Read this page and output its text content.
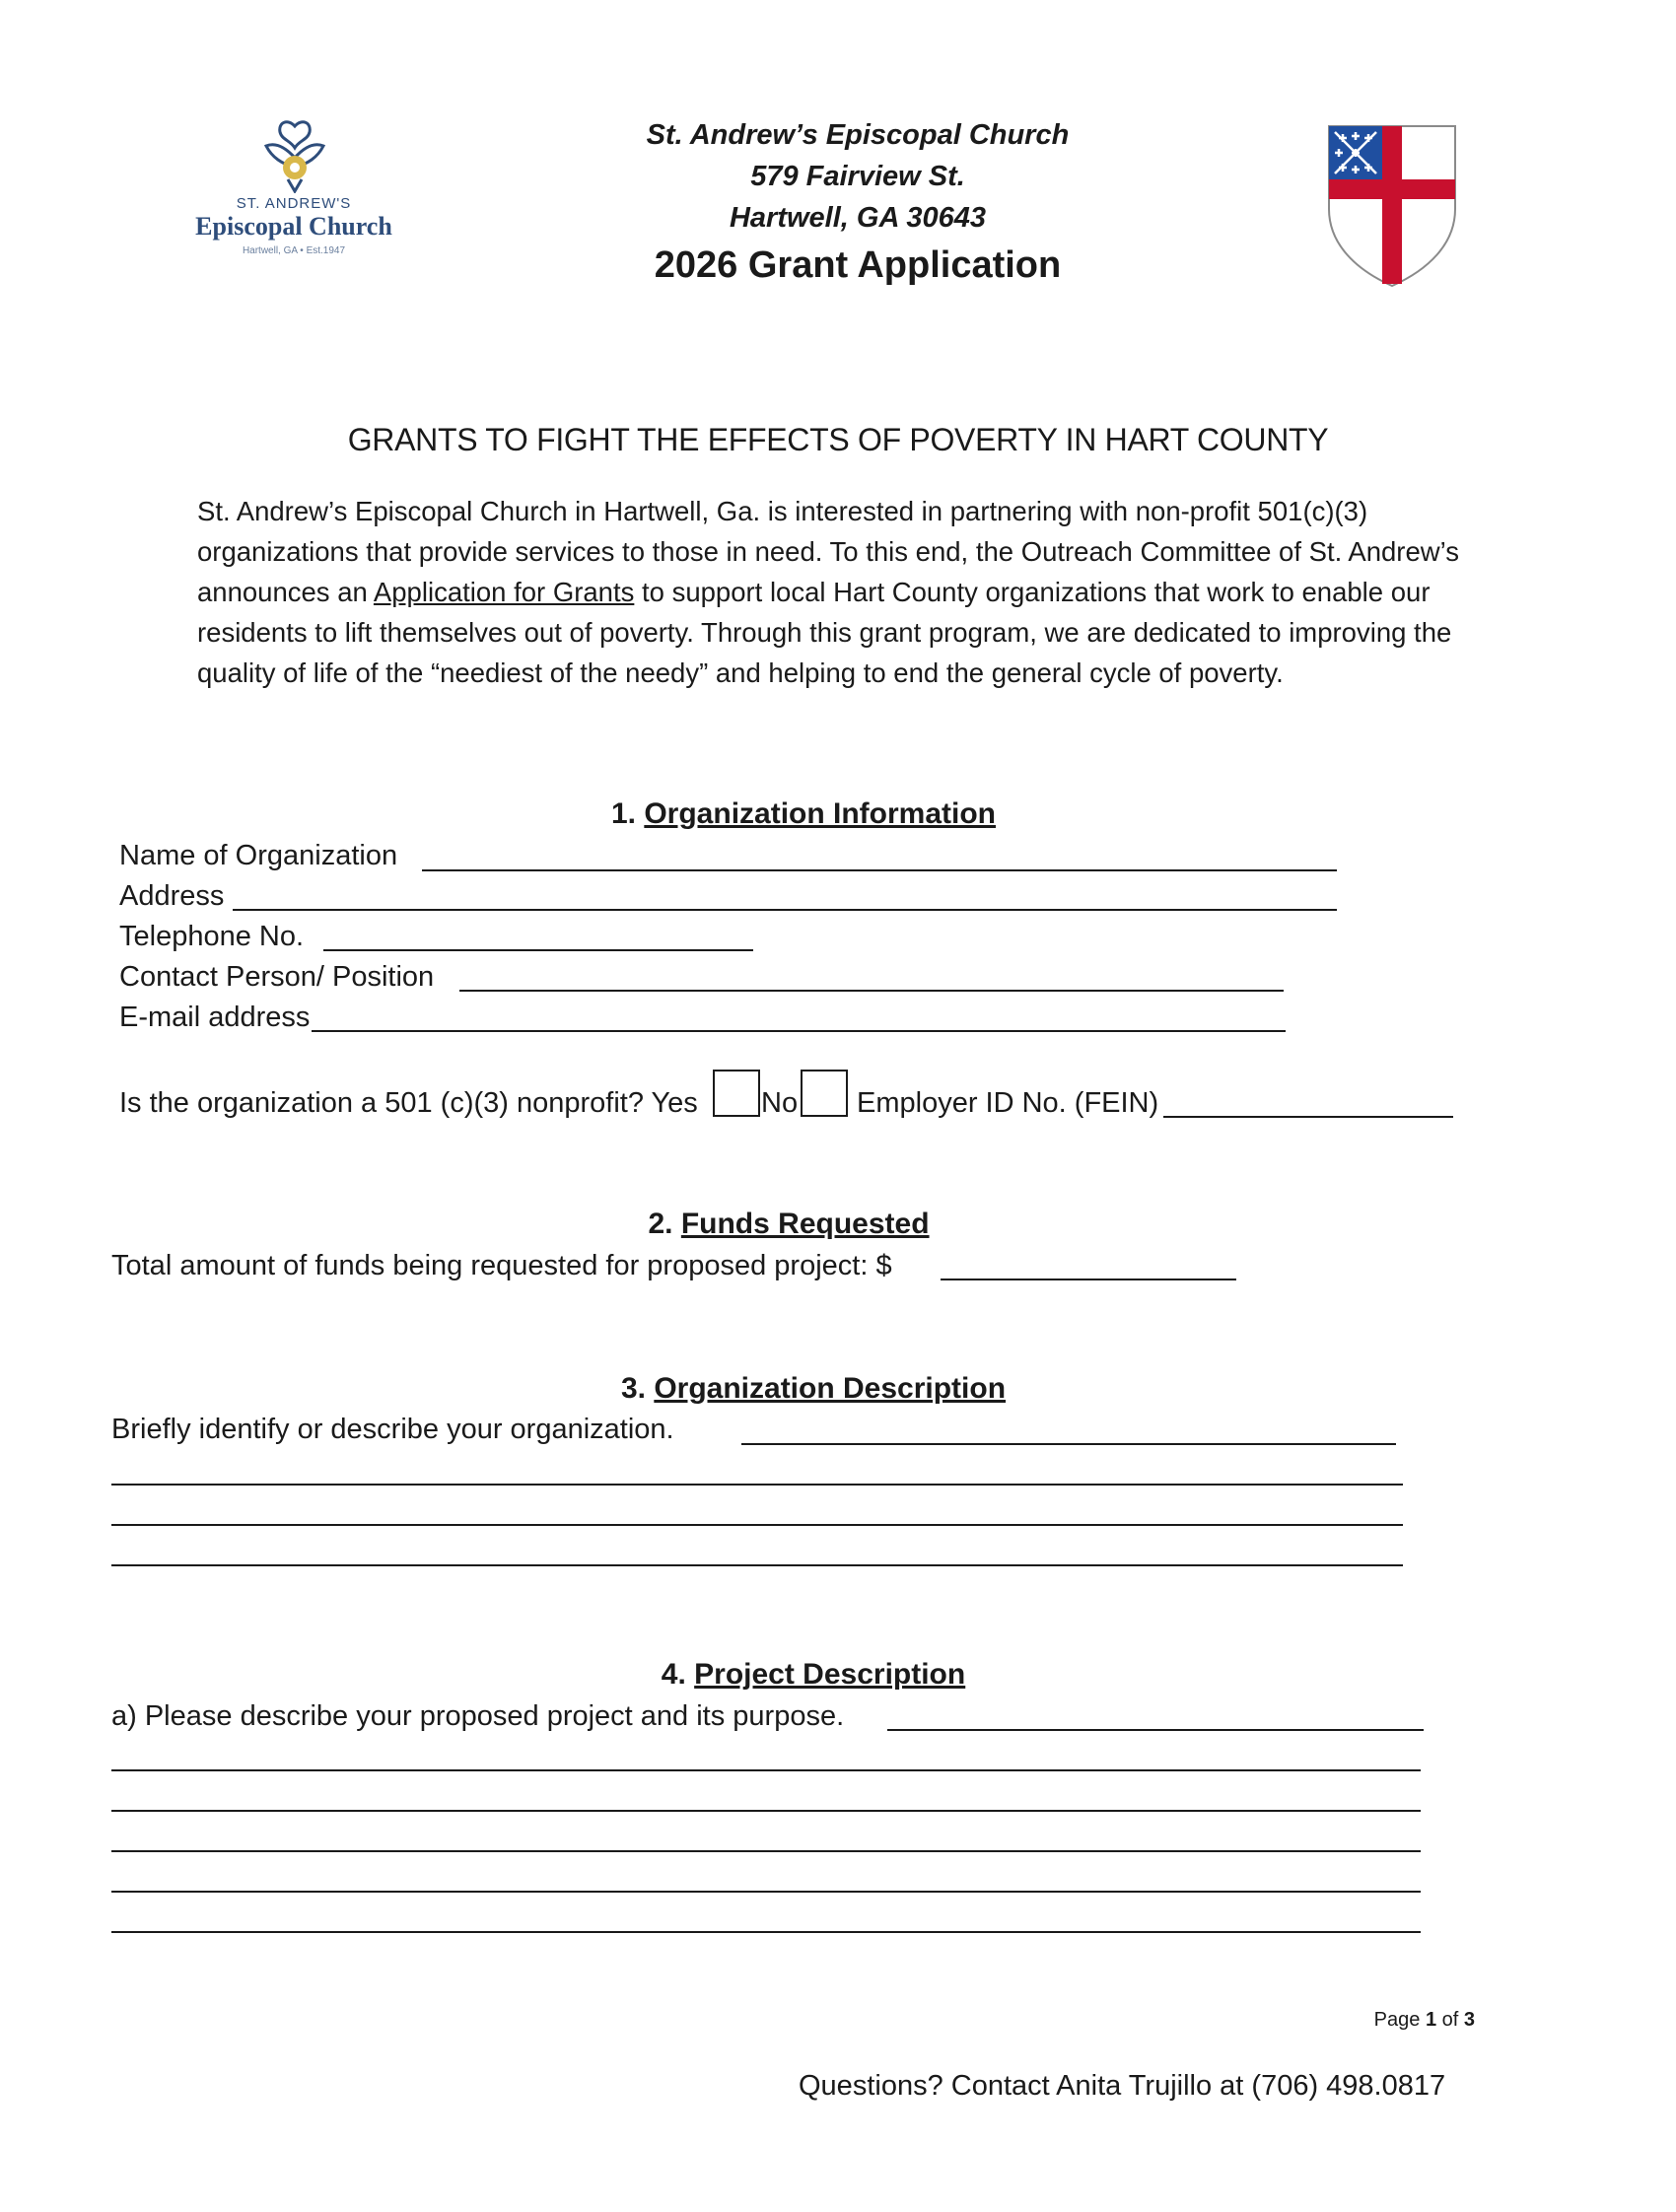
ST. ANDREW'S
Episcopal Church
Hartwell, GA • Est.1947
St. Andrew’s Episcopal Church
579 Fairview St.
Hartwell, GA 30643
2026 Grant Application
GRANTS TO FIGHT THE EFFECTS OF POVERTY IN HART COUNTY
St. Andrew’s Episcopal Church in Hartwell, Ga. is interested in partnering with non-profit 501(c)(3) organizations that provide services to those in need. To this end, the Outreach Committee of St. Andrew’s announces an Application for Grants to support local Hart County organizations that work to enable our residents to lift themselves out of poverty. Through this grant program, we are dedicated to improving the quality of life of the “neediest of the needy” and helping to end the general cycle of poverty.
1. Organization Information
Name of Organization
Address
Telephone No.
Contact Person/ Position
E-mail address
Is the organization a 501 (c)(3) nonprofit? Yes No Employer ID No. (FEIN)
2. Funds Requested
Total amount of funds being requested for proposed project: $
3. Organization Description
Briefly identify or describe your organization.
4. Project Description
a) Please describe your proposed project and its purpose.
Page 1 of 3
Questions? Contact Anita Trujillo at (706) 498.0817
